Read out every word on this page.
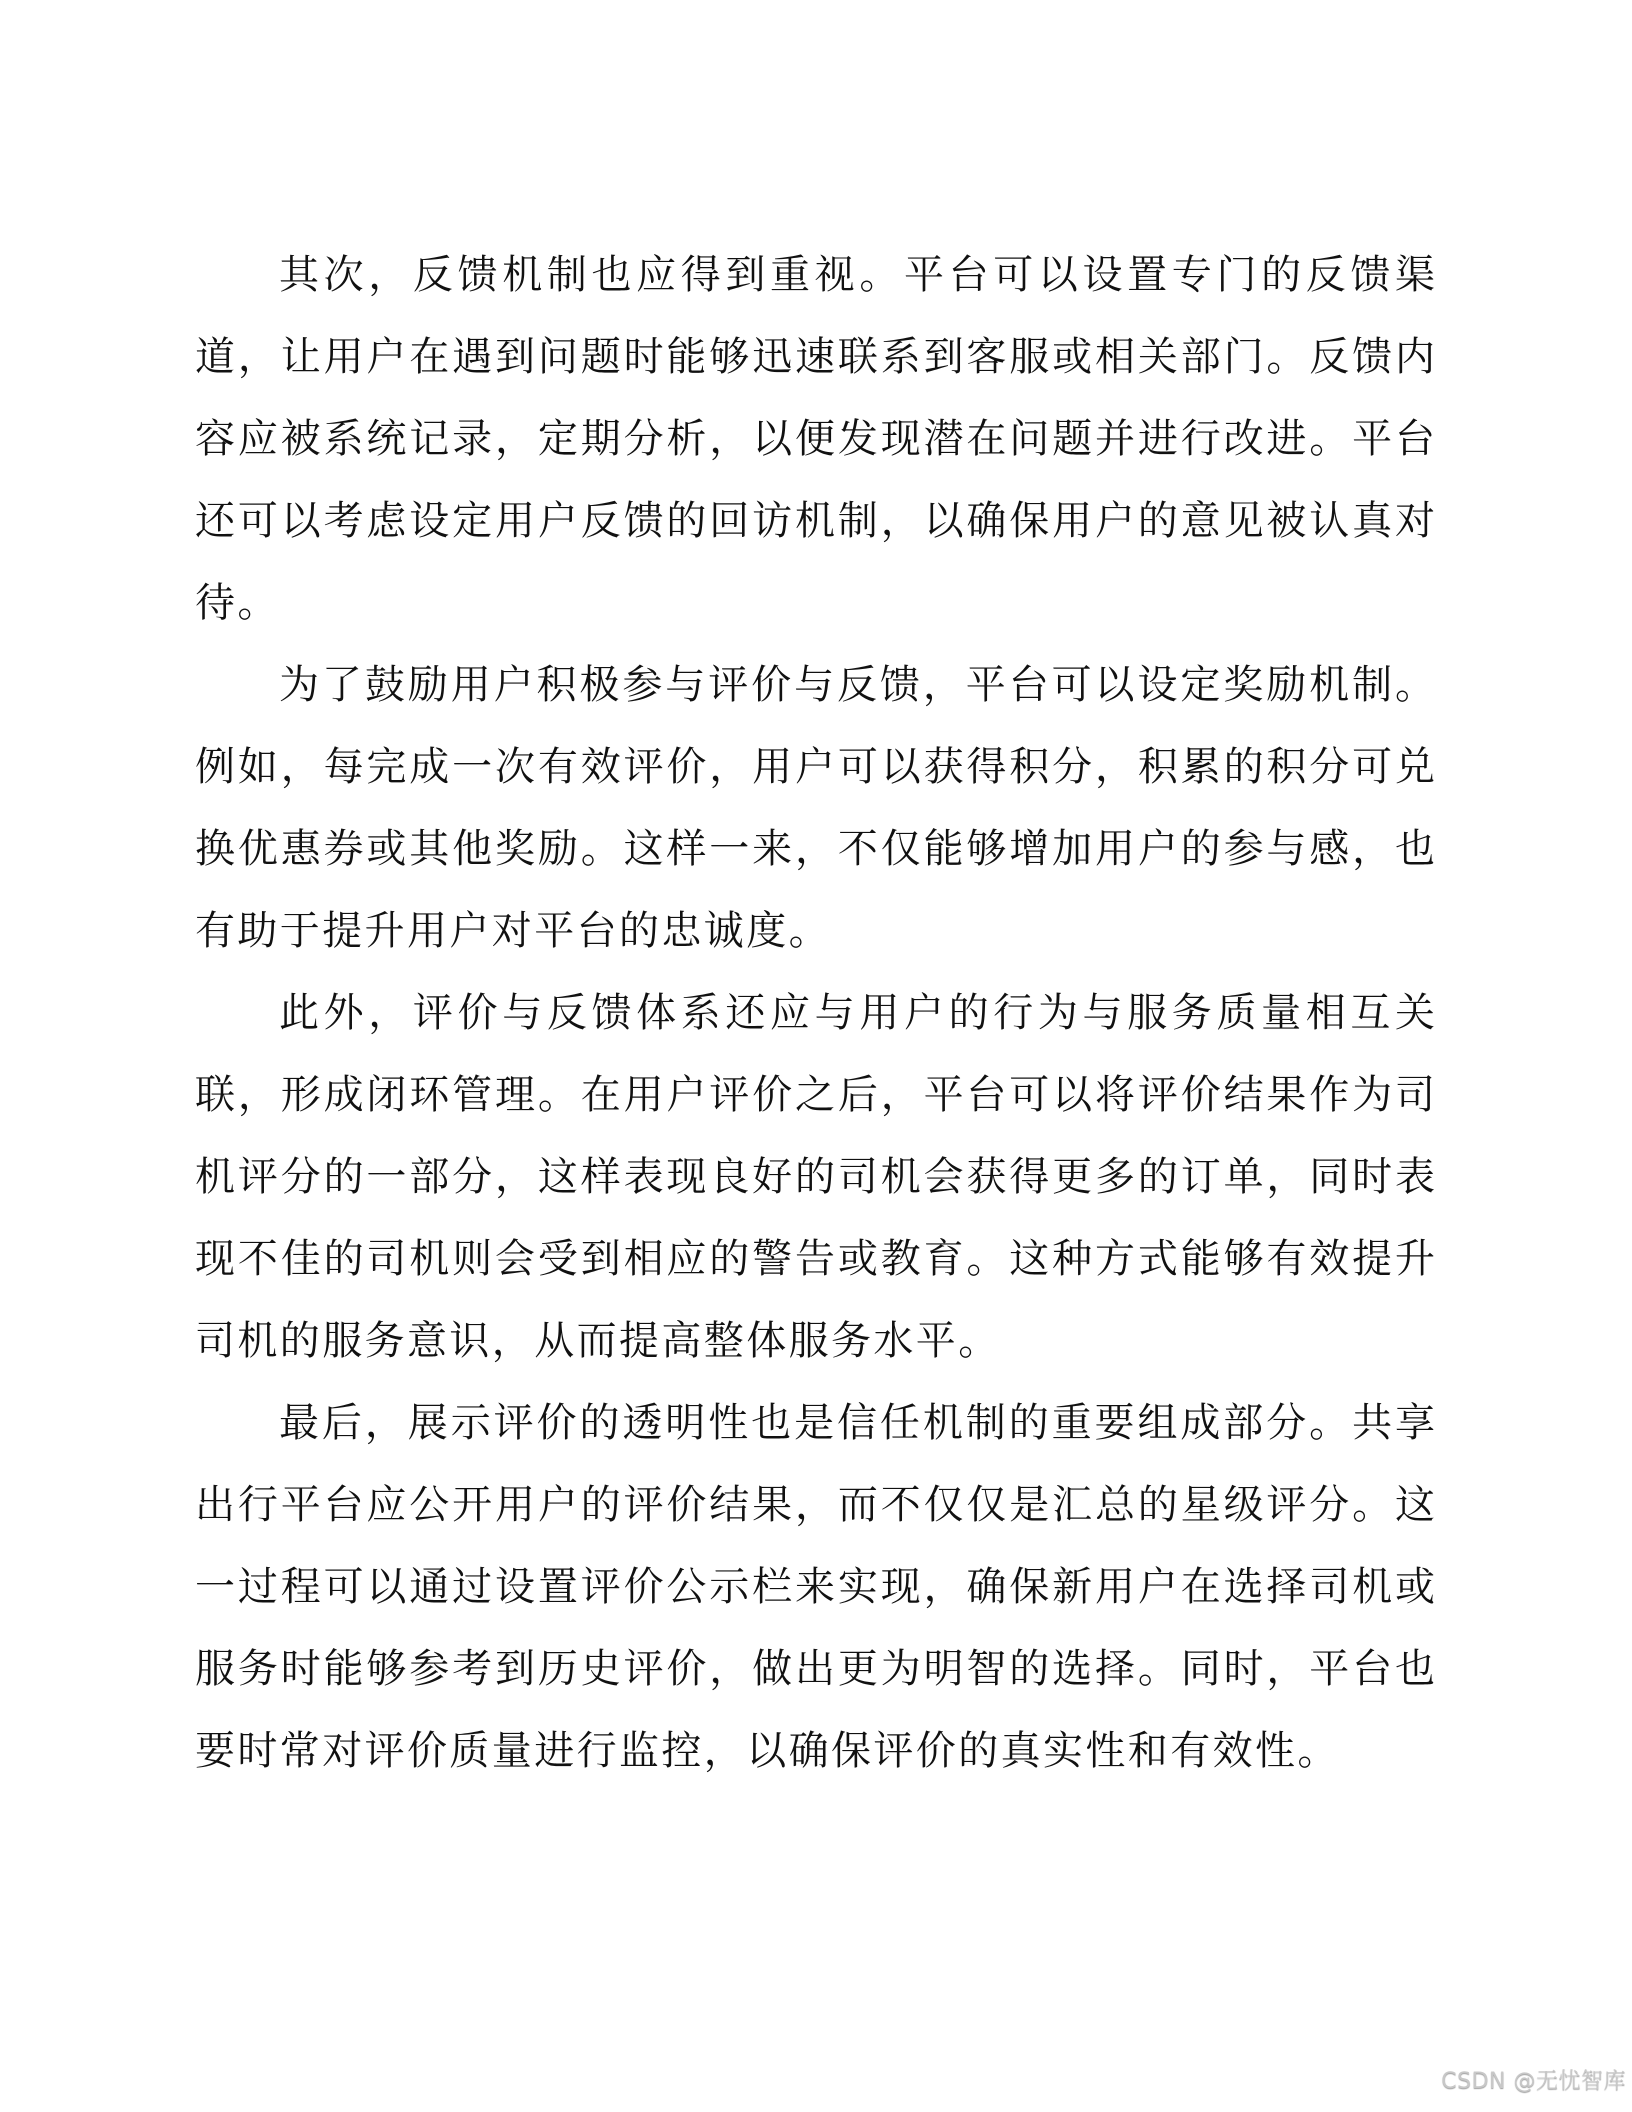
其次，反馈机制也应得到重视。平台可以设置专门的反馈渠
道，让用户在遇到问题时能够迅速联系到客服或相关部门。反馈内
容应被系统记录，定期分析，以便发现潜在问题并进行改进。平台
还可以考虑设定用户反馈的回访机制，以确保用户的意见被认真对
待。
为了鼓励用户积极参与评价与反馈，平台可以设定奖励机制。
例如，每完成一次有效评价，用户可以获得积分，积累的积分可兑
换优惠券或其他奖励。这样一来，不仅能够增加用户的参与感，也
有助于提升用户对平台的忠诚度。
此外，评价与反馈体系还应与用户的行为与服务质量相互关
联，形成闭环管理。在用户评价之后，平台可以将评价结果作为司
机评分的一部分，这样表现良好的司机会获得更多的订单，同时表
现不佳的司机则会受到相应的警告或教育。这种方式能够有效提升
司机的服务意识，从而提高整体服务水平。
最后，展示评价的透明性也是信任机制的重要组成部分。共享
出行平台应公开用户的评价结果，而不仅仅是汇总的星级评分。这
一过程可以通过设置评价公示栏来实现，确保新用户在选择司机或
服务时能够参考到历史评价，做出更为明智的选择。同时，平台也
要时常对评价质量进行监控，以确保评价的真实性和有效性。
CSDN @无忧智库
